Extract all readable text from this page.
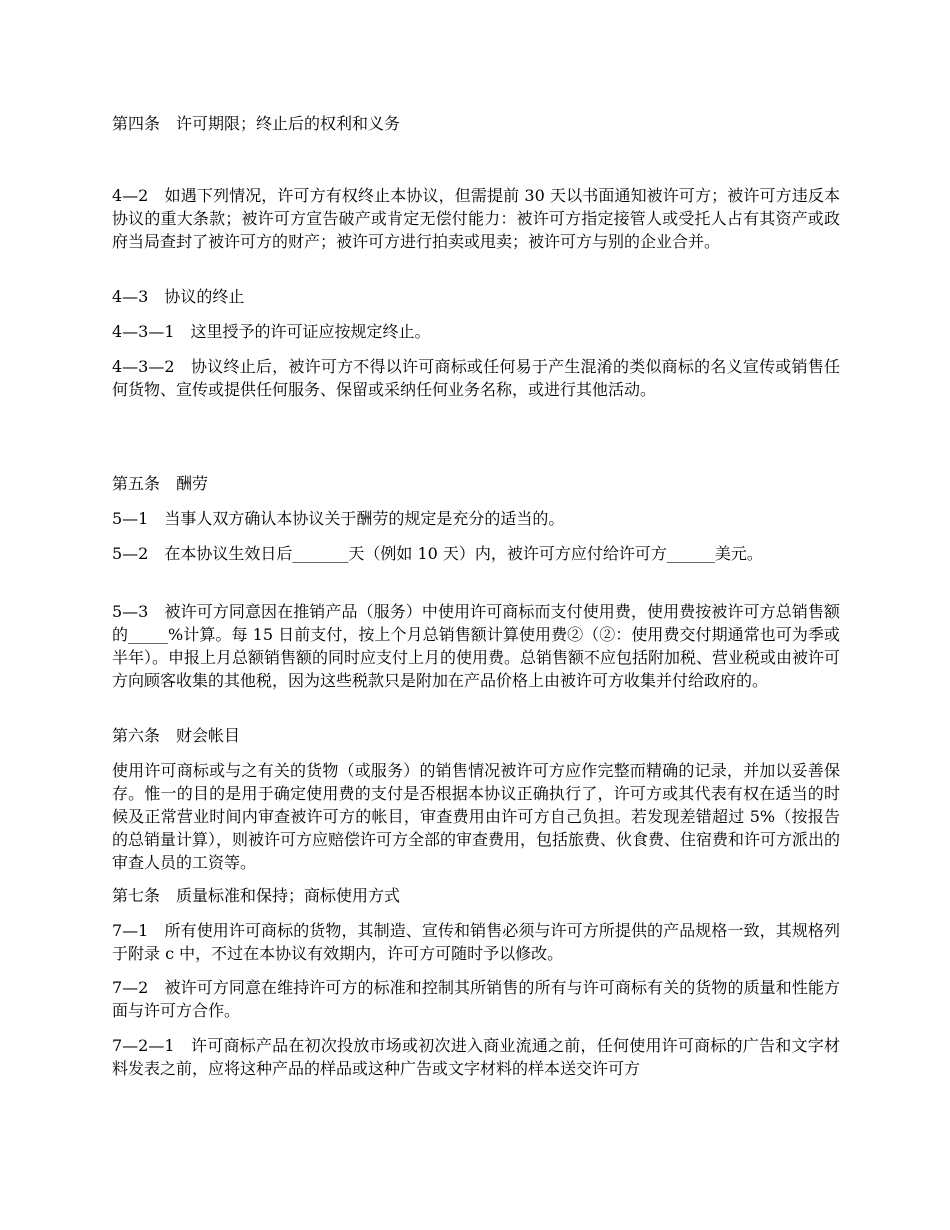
第四条　许可期限；终止后的权利和义务

4—2　如遇下列情况，许可方有权终止本协议，但需提前 30 天以书面通知被许可方；被许可方违反本协议的重大条款；被许可方宣告破产或肯定无偿付能力：被许可方指定接管人或受托人占有其资产或政府当局查封了被许可方的财产；被许可方进行拍卖或甩卖；被许可方与别的企业合并。

4—3　协议的终止

4—3—1　这里授予的许可证应按规定终止。

4—3—2　协议终止后，被许可方不得以许可商标或任何易于产生混淆的类似商标的名义宣传或销售任何货物、宣传或提供任何服务、保留或采纳任何业务名称，或进行其他活动。

第五条　酬劳

5—1　当事人双方确认本协议关于酬劳的规定是充分的适当的。

5—2　在本协议生效日后_______天（例如 10 天）内，被许可方应付给许可方______美元。

5—3　被许可方同意因在推销产品（服务）中使用许可商标而支付使用费，使用费按被许可方总销售额的_____%计算。每 15 日前支付，按上个月总销售额计算使用费②（②：使用费交付期通常也可为季或半年）。申报上月总额销售额的同时应支付上月的使用费。总销售额不应包括附加税、营业税或由被许可方向顾客收集的其他税，因为这些税款只是附加在产品价格上由被许可方收集并付给政府的。

第六条　财会帐目

使用许可商标或与之有关的货物（或服务）的销售情况被许可方应作完整而精确的记录，并加以妥善保存。惟一的目的是用于确定使用费的支付是否根据本协议正确执行了，许可方或其代表有权在适当的时候及正常营业时间内审查被许可方的帐目，审查费用由许可方自己负担。若发现差错超过 5%（按报告的总销量计算），则被许可方应赔偿许可方全部的审查费用，包括旅费、伙食费、住宿费和许可方派出的审查人员的工资等。

第七条　质量标准和保持；商标使用方式

7—1　所有使用许可商标的货物，其制造、宣传和销售必须与许可方所提供的产品规格一致，其规格列于附录 c 中，不过在本协议有效期内，许可方可随时予以修改。

7—2　被许可方同意在维持许可方的标准和控制其所销售的所有与许可商标有关的货物的质量和性能方面与许可方合作。

7—2—1　许可商标产品在初次投放市场或初次进入商业流通之前，任何使用许可商标的广告和文字材料发表之前，应将这种产品的样品或这种广告或文字材料的样本送交许可方
